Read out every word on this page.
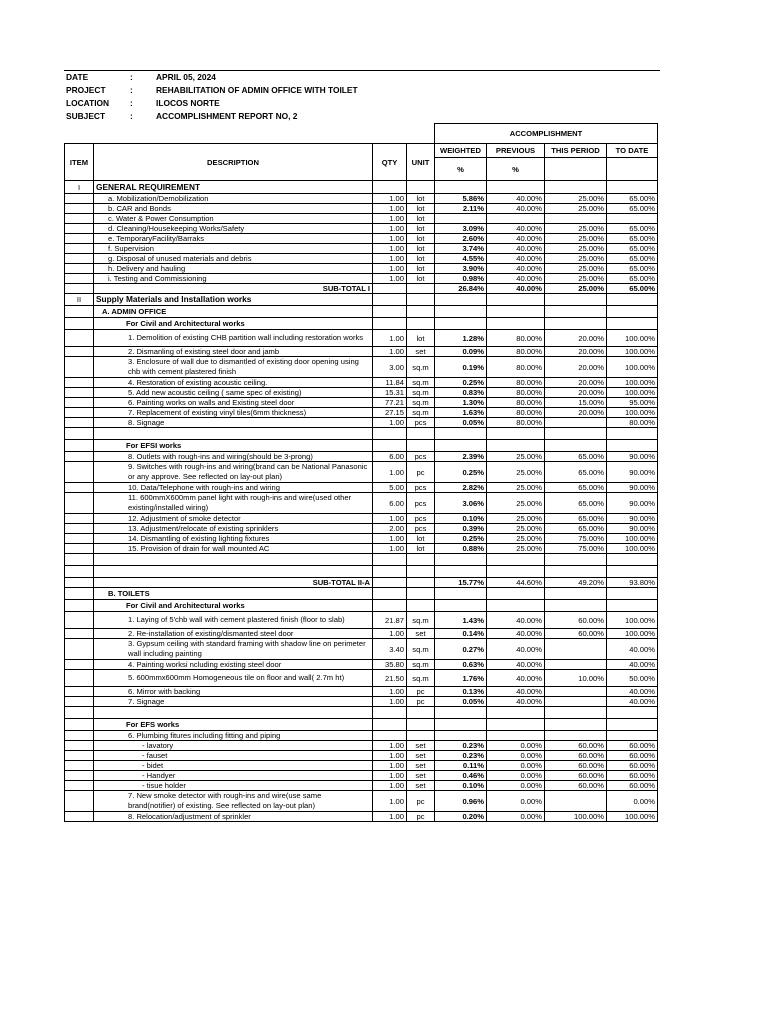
DATE	:	APRIL 05, 2024
PROJECT	:	REHABILITATION OF ADMIN OFFICE WITH TOILET
LOCATION :	ILOCOS NORTE
SUBJECT	:	ACCOMPLISHMENT REPORT NO, 2
				ACCOMPLISHMENT			
ITEM	DESCRIPTION	QTY	UNIT	WEIGHTED	PREVIOUS	THIS PERIOD	TO DATE
				%	%		
I	GENERAL REQUIREMENT						
	a. Mobilization/Demobilization	1.00	lot	5.86%	40.00%	25.00%	65.00%
	b. CAR and Bonds	1.00	lot	2.11%	40.00%	25.00%	65.00%
	c. Water & Power Consumption	1.00	lot				
	d. Cleaning/Housekeeping Works/Safety	1.00	lot	3.09%	40.00%	25.00%	65.00%
	e. TemporaryFacility/Barraks	1.00	lot	2.60%	40.00%	25.00%	65.00%
	f. Supervision	1.00	lot	3.74%	40.00%	25.00%	65.00%
	g. Disposal of unused materials and debris	1.00	lot	4.55%	40.00%	25.00%	65.00%
	h. Delivery and hauling	1.00	lot	3.90%	40.00%	25.00%	65.00%
	i. Testing and Commissioning	1.00	lot	0.98%	40.00%	25.00%	65.00%
	SUB-TOTAL I			26.84%	40.00%	25.00%	65.00%
II	Supply Materials and Installation works						
	A. ADMIN OFFICE						
	For Civil and Architectural works						
	1. Demolition of existing CHB partition wall including restoration works	1.00	lot	1.28%	80.00%	20.00%	100.00%
	2. Dismanling of existing steel door and jamb	1.00	set	0.09%	80.00%	20.00%	100.00%
	3. Enclosure of wall due to dismantled of existing door opening using chb with cement plastered finish	3.00	sq.m	0.19%	80.00%	20.00%	100.00%
	4. Restoration of existing acoustic ceiling.	11.84	sq.m	0.25%	80.00%	20.00%	100.00%
	5. Add new acoustic ceiling ( same spec of existing)	15.31	sq.m	0.83%	80.00%	20.00%	100.00%
	6. Painting works on walls and Existing steel door	77.21	sq.m	1.30%	80.00%	15.00%	95.00%
	7. Replacement of existing vinyl tiles(6mm thickness)	27.15	sq.m	1.63%	80.00%	20.00%	100.00%
	8. Signage	1.00	pcs	0.05%	80.00%		80.00%

	For EFSI works						
	8. Outlets with rough-ins and wiring(should be 3-prong)	6.00	pcs	2.39%	25.00%	65.00%	90.00%
	9. Switches with rough-ins and wiring(brand can be National Panasonic or any approve. See reflected on lay-out plan)	1.00	pc	0.25%	25.00%	65.00%	90.00%
	10. Data/Telephone with rough-ins and wiring	5.00	pcs	2.82%	25.00%	65.00%	90.00%
	11. 600mmX600mm panel light with rough-ins and wire(used other existing/installed wiring)	6.00	pcs	3.06%	25.00%	65.00%	90.00%
	12. Adjustment of smoke detector	1.00	pcs	0.10%	25.00%	65.00%	90.00%
	13. Adjustment/relocate of existing sprinklers	2.00	pcs	0.39%	25.00%	65.00%	90.00%
	14. Dismantling of existing lighting fixtures	1.00	lot	0.25%	25.00%	75.00%	100.00%
	15. Provision of drain for wall mounted AC	1.00	lot	0.88%	25.00%	75.00%	100.00%

	SUB-TOTAL II-A			15.77%	44.60%	49.20%	93.80%
	B. TOILETS						
	For Civil and Architectural works						
	1. Laying of 5'chb wall with cement plastered finish (floor to slab)	21.87	sq.m	1.43%	40.00%	60.00%	100.00%
	2. Re-installation of existing/dismanted steel door	1.00	set	0.14%	40.00%	60.00%	100.00%
	3. Gypsum ceiling with standard framing with shadow line on perimeter wall including painting	3.40	sq.m	0.27%	40.00%		40.00%
	4. Painting worksi ncluding existing steel door	35.80	sq.m	0.63%	40.00%		40.00%
	5. 600mmx600mm Homogeneous tile on floor and wall( 2.7m ht)	21.50	sq.m	1.76%	40.00%	10.00%	50.00%
	6. Mirror with backing	1.00	pc	0.13%	40.00%		40.00%
	7. Signage	1.00	pc	0.05%	40.00%		40.00%

	For EFS works						
	6. Plumbing fitures including fitting and piping						
	- lavatory	1.00	set	0.23%	0.00%	60.00%	60.00%
	- fauset	1.00	set	0.23%	0.00%	60.00%	60.00%
	- bidet	1.00	set	0.11%	0.00%	60.00%	60.00%
	- Handyer	1.00	set	0.46%	0.00%	60.00%	60.00%
	- tisue holder	1.00	set	0.10%	0.00%	60.00%	60.00%
	7. New smoke detector with rough-ins and wire(use same brand(notifier) of existing. See reflected on lay-out plan)	1.00	pc	0.96%	0.00%		0.00%
	8. Relocation/adjustment of sprinkler	1.00	pc	0.20%	0.00%	100.00%	100.00%
